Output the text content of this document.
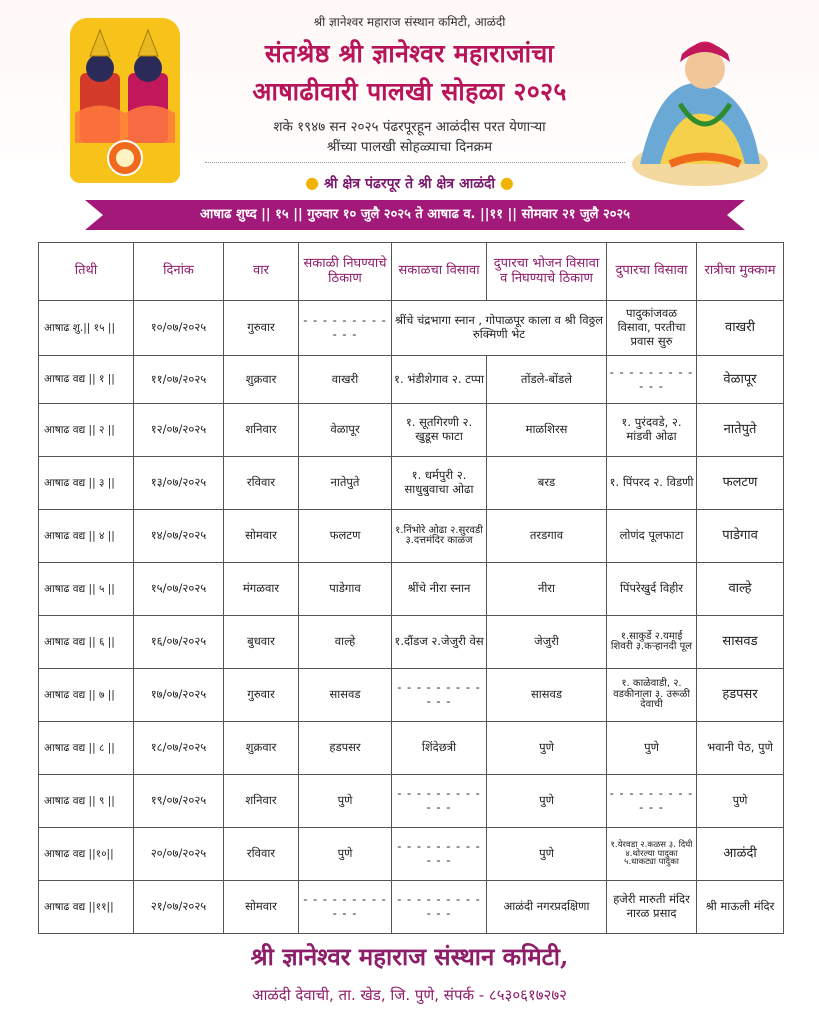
श्री ज्ञानेश्वर महाराज संस्थान कमिटी, आळंदी
संतश्रेष्ठ श्री ज्ञानेश्वर महाराजांचा
आषाढीवारी पालखी सोहळा २०२५
शके १९४७ सन २०२५ पंढरपूरहून आळंदीस परत येणाऱ्या
श्रींच्या पालखी सोहळ्याचा दिनक्रम
● श्री क्षेत्र पंढरपूर ते श्री क्षेत्र आळंदी ●
आषाढ शुध्द || १५ || गुरुवार १० जुलै २०२५ ते आषाढ व. ||११ || सोमवार २१ जुलै २०२५
तिथी	दिनांक	वार	सकाळी निघण्याचे ठिकाण	सकाळचा विसावा	दुपारचा भोजन विसावा व निघण्याचे ठिकाण	दुपारचा विसावा	रात्रीचा मुक्काम
आषाढ शु.|| १५ ||	१०/०७/२०२५	गुरुवार	- - - - - - - - - - - -	श्रींचे चंद्रभागा स्नान , गोपाळपूर काला व श्री विठ्ठल रुक्मिणी भेट		पादुकांजवळ विसावा, परतीचा प्रवास सुरु	वाखरी
आषाढ वद्य || १ ||	११/०७/२०२५	शुक्रवार	वाखरी	१. भंडीशेगाव २. टप्पा	तोंडले-बोंडले	- - - - - - - - - - - -	वेळापूर
आषाढ वद्य || २ ||	१२/०७/२०२५	शनिवार	वेळापूर	१. सूतगिरणी २. खुडूस फाटा	माळशिरस	१. पुरंदवडे, २. मांडवी ओढा	नातेपुते
आषाढ वद्य || ३ ||	१३/०७/२०२५	रविवार	नातेपुते	१. धर्मपुरी २. साधुबुवाचा ओढा	बरड	१. पिंपरद २. विडणी	फलटण
आषाढ वद्य || ४ ||	१४/०७/२०२५	सोमवार	फलटण	१.निंभोरे ओढा २.सुरवडी ३.दत्तमंदिर काळज	तरडगाव	लोणंद पूलफाटा	पाडेगाव
आषाढ वद्य || ५ ||	१५/०७/२०२५	मंगळवार	पाडेगाव	श्रींचे नीरा स्नान	नीरा	पिंपरेखुर्द विहीर	वाल्हे
आषाढ वद्य || ६ ||	१६/०७/२०२५	बुधवार	वाल्हे	१.दौंडज २.जेजुरी वेस	जेजुरी	१.साकुर्डे २.यमाई शिवरी ३.कऱ्हानदी पूल	सासवड
आषाढ वद्य || ७ ||	१७/०७/२०२५	गुरुवार	सासवड	- - - - - - - - - - - -	सासवड	१. काळेवाडी, २. वडकीनाला ३. उरूळी देवाची	हडपसर
आषाढ वद्य || ८ ||	१८/०७/२०२५	शुक्रवार	हडपसर	शिंदेछत्री	पुणे	पुणे	भवानी पेठ, पुणे
आषाढ वद्य || ९ ||	१९/०७/२०२५	शनिवार	पुणे	- - - - - - - - - - - -	पुणे	- - - - - - - - - - - -	पुणे
आषाढ वद्य ||१०||	२०/०७/२०२५	रविवार	पुणे	- - - - - - - - - - - -	पुणे	१.येरवडा २.कळस ३. दिघी ४.थोरल्या पादुका ५.धाकट्या पादुका	आळंदी
आषाढ वद्य ||११||	२१/०७/२०२५	सोमवार	- - - - - - - - - - - -	- - - - - - - - - - - -	आळंदी नगरप्रदक्षिणा	हजेरी मारुती मंदिर नारळ प्रसाद	श्री माऊली मंदिर
श्री ज्ञानेश्वर महाराज संस्थान कमिटी,
आळंदी देवाची, ता. खेड, जि. पुणे, संपर्क - ८५३०६१७२७२
